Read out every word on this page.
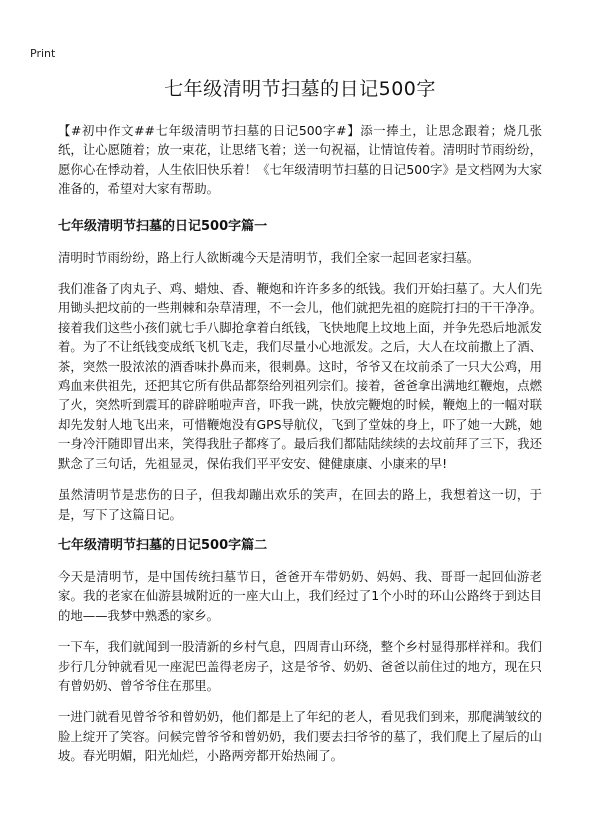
Print
七年级清明节扫墓的日记500字

【#初中作文##七年级清明节扫墓的日记500字#】添一捧土，让思念跟着；烧几张纸，让心愿随着；放一束花，让思绪飞着；送一句祝福，让情谊传着。清明时节雨纷纷，愿你心在悸动着，人生依旧快乐着！《七年级清明节扫墓的日记500字》是文档网为大家准备的，希望对大家有帮助。

七年级清明节扫墓的日记500字篇一

清明时节雨纷纷，路上行人欲断魂今天是清明节，我们全家一起回老家扫墓。

我们准备了肉丸子、鸡、蜡烛、香、鞭炮和许许多多的纸钱。我们开始扫墓了。大人们先用锄头把坟前的一些荆棘和杂草清理，不一会儿，他们就把先祖的庭院打扫的干干净净。接着我们这些小孩们就七手八脚抢拿着白纸钱，飞快地爬上坟地上面，并争先恐后地派发着。为了不让纸钱变成纸飞机飞走，我们尽量小心地派发。之后，大人在坟前撒上了酒、茶，突然一股浓浓的酒香味扑鼻而来，很刺鼻。这时，爷爷又在坟前杀了一只大公鸡，用鸡血来供祖先，还把其它所有供品都祭给列祖列宗们。接着，爸爸拿出满地红鞭炮，点燃了火，突然听到震耳的辟辟啪啦声音，吓我一跳，快放完鞭炮的时候，鞭炮上的一幅对联却先发射人地飞出来，可惜鞭炮没有GPS导航仪，飞到了堂妹的身上，吓了她一大跳，她一身冷汗随即冒出来，笑得我肚子都疼了。最后我们都陆陆续续的去坟前拜了三下，我还默念了三句话，先祖显灵，保佑我们平平安安、健健康康、小康来的早!

虽然清明节是悲伤的日子，但我却蹦出欢乐的笑声，在回去的路上，我想着这一切，于是，写下了这篇日记。

七年级清明节扫墓的日记500字篇二

今天是清明节，是中国传统扫墓节日，爸爸开车带奶奶、妈妈、我、哥哥一起回仙游老家。我的老家在仙游县城附近的一座大山上，我们经过了1个小时的环山公路终于到达目的地——我梦中熟悉的家乡。

一下车，我们就闻到一股清新的乡村气息，四周青山环绕，整个乡村显得那样祥和。我们步行几分钟就看见一座泥巴盖得老房子，这是爷爷、奶奶、爸爸以前住过的地方，现在只有曾奶奶、曾爷爷住在那里。

一进门就看见曾爷爷和曾奶奶，他们都是上了年纪的老人，看见我们到来，那爬满皱纹的脸上绽开了笑容。问候完曾爷爷和曾奶奶，我们要去扫爷爷的墓了，我们爬上了屋后的山坡。春光明媚，阳光灿烂，小路两旁都开始热闹了。
